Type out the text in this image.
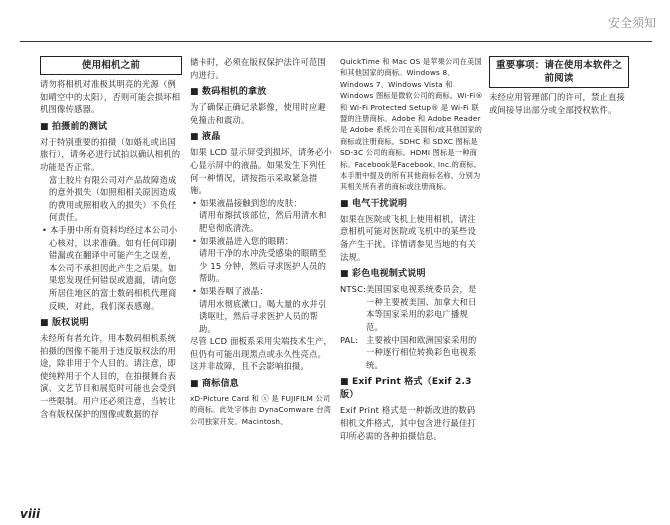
安全须知
使用相机之前

请勿将相机对准极其明亮的光源（例如晴空中的太阳），否则可能会损坏相机图像传感器。

■ 拍摄前的测试

对于特别重要的拍摄（如婚礼或出国旅行），请务必进行试拍以确认相机的功能是否正常。

富士胶片有限公司对产品故障造成的意外损失（如照相相关原因造成的费用或照相收入的损失）不负任何责任。

• 本手册中所有资料均经过本公司小心核对，以求准确。如有任何印刷错漏或在翻译中可能产生之误差，本公司不承担因此产生之后果。如果您发现任何错误或遗漏，请向您所居住地区的富士数码相机代理商反映，对此，我们深表感谢。

■ 版权说明

未经所有者允许，用本数码相机系统拍摄的图像不能用于违反版权法的用途，除非用于个人目的。请注意，即使纯粹用于个人目的，在拍摄舞台表演、文艺节目和展览时可能也会受到一些限制。用户还必须注意，当转让含有版权保护的图像或数据的存

储卡时，必须在版权保护法许可范围内进行。

■ 数码相机的拿放

为了确保正确记录影像，使用时应避免撞击和震动。

■ 液晶

如果 LCD 显示屏受到损坏，请务必小心显示屏中的液晶。如果发生下列任何一种情况，请按指示采取紧急措施。

• 如果液晶接触到您的皮肤：

请用布擦拭该部位，然后用清水和肥皂彻底清洗。

• 如果液晶进入您的眼睛：

请用干净的水冲洗受感染的眼睛至少 15 分钟，然后寻求医护人员的帮助。

• 如果吞咽了液晶：

请用水彻底漱口。喝大量的水并引诱呕吐，然后寻求医护人员的帮助。

尽管 LCD 面板系采用尖端技术生产，但仍有可能出现黑点或永久性亮点。这并非故障，且不会影响拍摄。

■ 商标信息

xD-Picture Card 和 ⓧ 是 FUJIFILM 公司的商标。此处字体由 DynaComware 台湾公司独家开发。Macintosh、

QuickTime 和 Mac OS 是苹果公司在美国和其他国家的商标。Windows 8、Windows 7、Windows Vista 和 Windows 图标是微软公司的商标。Wi-Fi® 和 Wi-Fi Protected Setup® 是 Wi-Fi 联盟的注册商标。Adobe 和 Adobe Reader 是 Adobe 系统公司在美国和/或其他国家的商标或注册商标。SDHC 和 SDXC 图标是 SD-3C 公司的商标。HDMI 图标是一种商标。Facebook是Facebook, Inc.的商标。本手册中提及的所有其他商标名称，分别为其相关所有者的商标或注册商标。

■ 电气干扰说明

如果在医院或飞机上使用相机，请注意相机可能对医院或飞机中的某些设备产生干扰。详情请参见当地的有关法规。

■ 彩色电视制式说明
NTSC: 美国国家电视系统委员会，是一种主要被美国、加拿大和日本等国家采用的彩电广播规范。
PAL: 主要被中国和欧洲国家采用的一种逐行相位转换彩色电视系统。
■ Exif Print 格式（Exif 2.3 版）

Exif Print 格式是一种新改进的数码相机文件格式，其中包含进行最佳打印所必需的各种拍摄信息。

重要事项：请在使用本软件之前阅读

未经应用管理部门的许可，禁止直接或间接导出部分或全部授权软件。

viii
